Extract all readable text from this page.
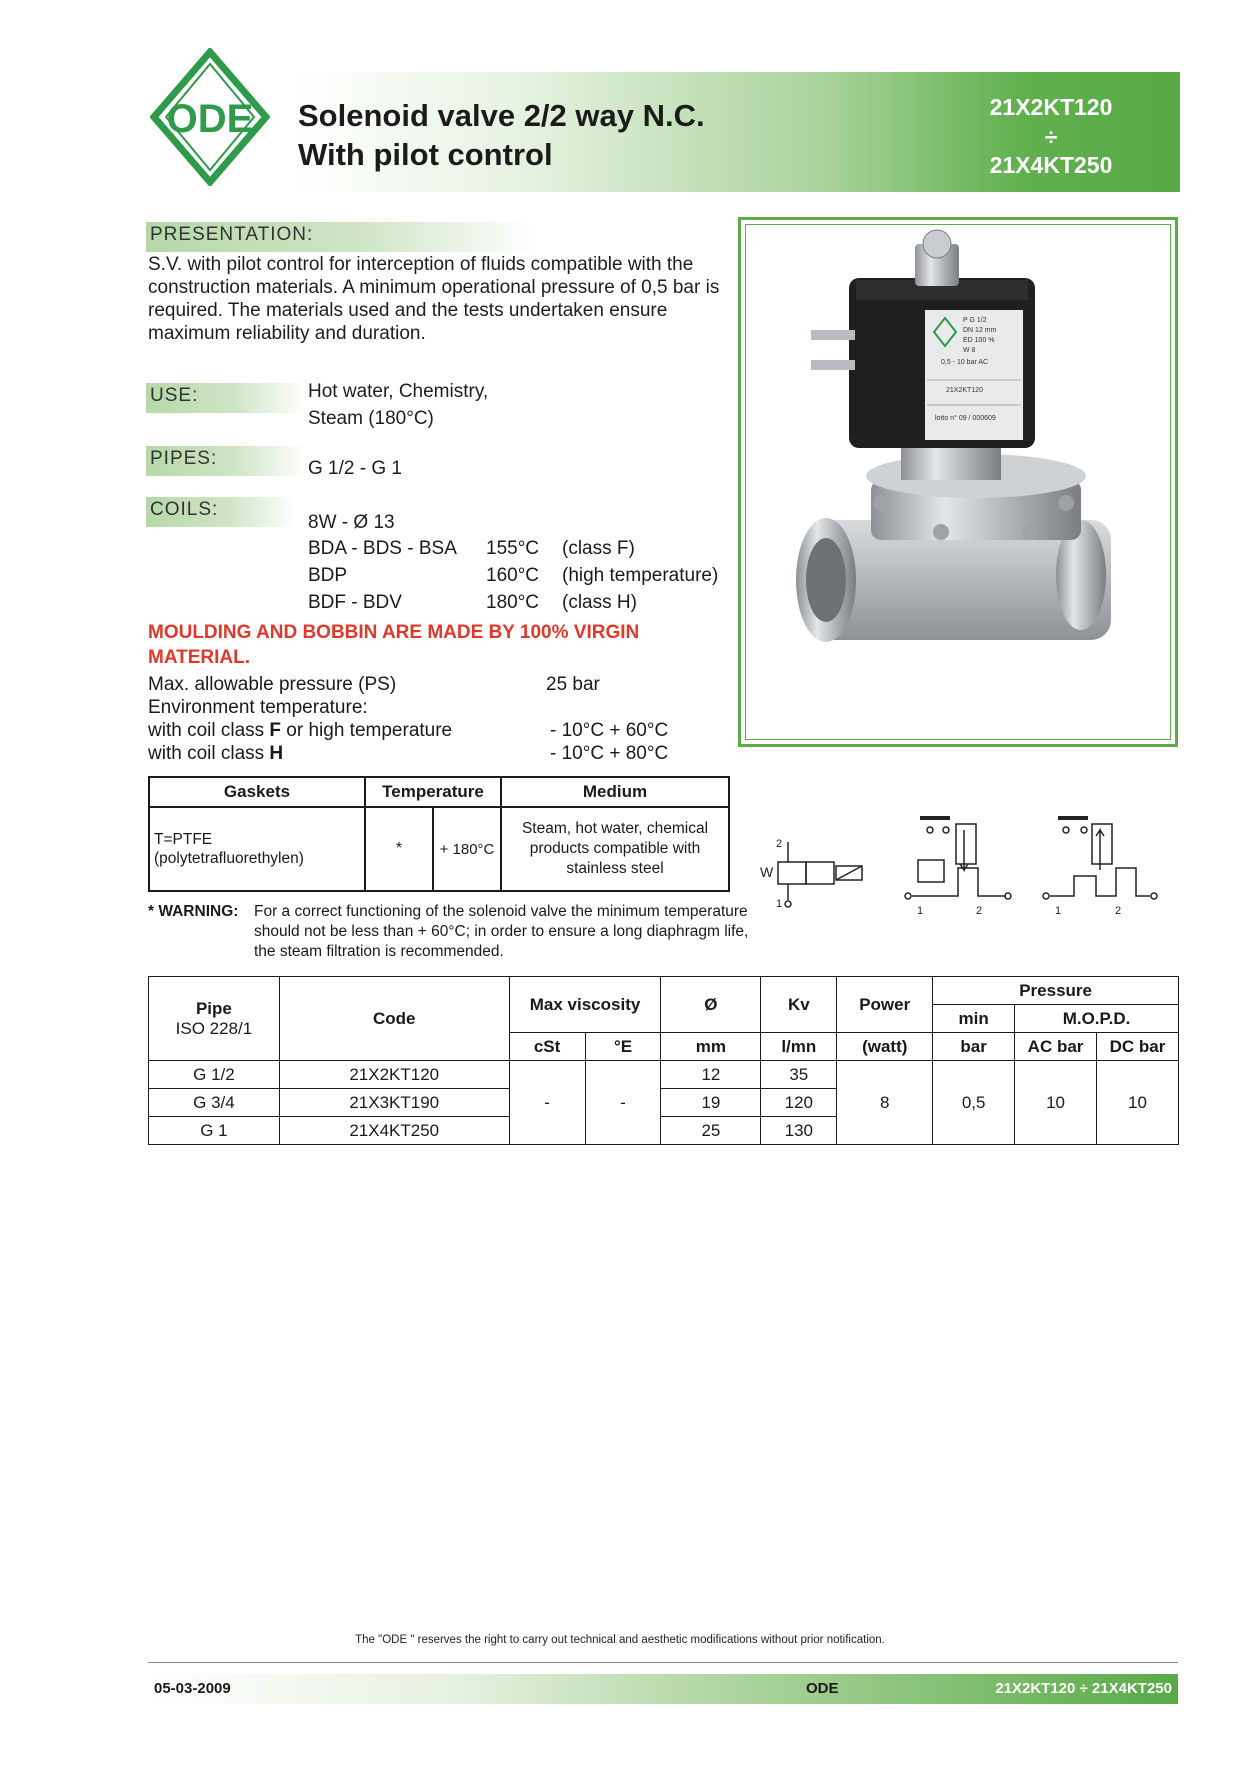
ODE Solenoid valve 2/2 way N.C.
With pilot control
21X2KT120
÷
21X4KT250
PRESENTATION:
S.V. with pilot control for interception of fluids compatible with the construction materials. A minimum operational pressure of 0,5 bar is required. The materials used and the tests undertaken ensure maximum reliability and duration.
USE:	Hot water, Chemistry,
Steam (180°C)
PIPES:	G 1/2 - G 1
COILS:
8W - Ø 13
BDA - BDS - BSA 155°C (class F)
BDP	160°C (high temperature)
BDF - BDV	180°C (class H)
MOULDING AND BOBBIN ARE MADE BY 100% VIRGIN MATERIAL.
Max. allowable pressure (PS)	25 bar
Environment temperature:
with coil class F or high temperature	- 10°C + 60°C
with coil class H	- 10°C + 80°C
P G 1/2 DN 12 mm ED 100 % W 8 0,5 - 10 bar AC 21X2KT120 lotto n° 09 / 000609
Gaskets	Temperature		Medium
T=PTFE (polytetrafluorethylen)	*	+ 180°C	Steam, hot water, chemical products compatible with stainless steel
* WARNING: For a correct functioning of the solenoid valve the minimum temperature should not be less than + 60°C; in order to ensure a long diaphragm life, the steam filtration is recommended.
2
1
W
1	2	1	2
Pipe
ISO 228/1	Code	Max viscosity		Ø	Kv	Power	Pressure		
							min	M.O.P.D.	
		cSt	°E	mm	l/mn	(watt)	bar	AC bar	DC bar
G 1/2	21X2KT120	-	-	12	35	8	0,5	10	10
G 3/4	21X3KT190			19	120				
G 1	21X4KT250			25	130				
The "ODE " reserves the right to carry out technical and aesthetic modifications without prior notification.
05-03-2009	ODE	21X2KT120 ÷ 21X4KT250
